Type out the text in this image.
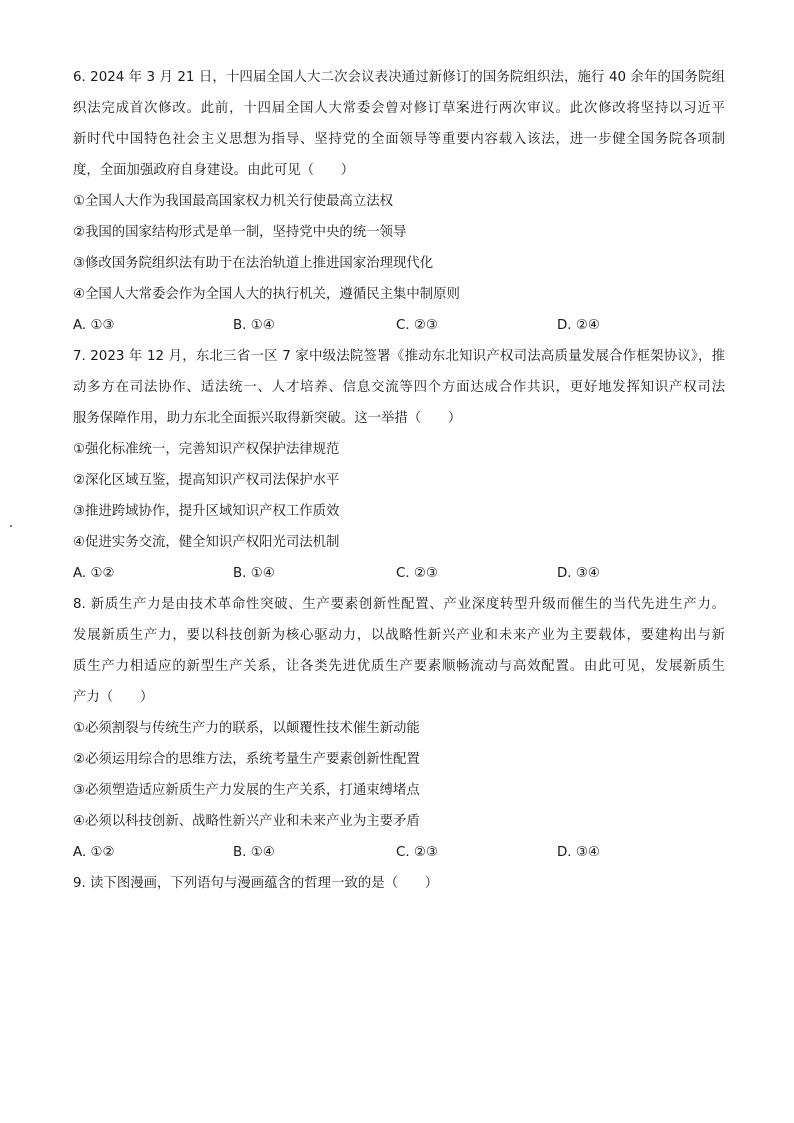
6. 2024 年 3 月 21 日，十四届全国人大二次会议表决通过新修订的国务院组织法，施行 40 余年的国务院组
织法完成首次修改。此前，十四届全国人大常委会曾对修订草案进行两次审议。此次修改将坚持以习近平
新时代中国特色社会主义思想为指导、坚持党的全面领导等重要内容载入该法，进一步健全国务院各项制
度，全面加强政府自身建设。由此可见（　　）
①全国人大作为我国最高国家权力机关行使最高立法权
②我国的国家结构形式是单一制，坚持党中央的统一领导
③修改国务院组织法有助于在法治轨道上推进国家治理现代化
④全国人大常委会作为全国人大的执行机关，遵循民主集中制原则
A. ①③	B. ①④	C. ②③	D. ②④
7. 2023 年 12 月，东北三省一区 7 家中级法院签署《推动东北知识产权司法高质量发展合作框架协议》，推
动多方在司法协作、适法统一、人才培养、信息交流等四个方面达成合作共识，更好地发挥知识产权司法
服务保障作用，助力东北全面振兴取得新突破。这一举措（　　）
①强化标准统一，完善知识产权保护法律规范
②深化区域互鉴，提高知识产权司法保护水平
③推进跨域协作，提升区域知识产权工作质效
④促进实务交流，健全知识产权阳光司法机制
A. ①②	B. ①④	C. ②③	D. ③④
8. 新质生产力是由技术革命性突破、生产要素创新性配置、产业深度转型升级而催生的当代先进生产力。
发展新质生产力，要以科技创新为核心驱动力，以战略性新兴产业和未来产业为主要载体，要建构出与新
质生产力相适应的新型生产关系，让各类先进优质生产要素顺畅流动与高效配置。由此可见，发展新质生
产力（　　）
①必须割裂与传统生产力的联系，以颠覆性技术催生新动能
②必须运用综合的思维方法，系统考量生产要素创新性配置
③必须塑造适应新质生产力发展的生产关系，打通束缚堵点
④必须以科技创新、战略性新兴产业和未来产业为主要矛盾
A. ①②	B. ①④	C. ②③	D. ③④
9. 读下图漫画，下列语句与漫画蕴含的哲理一致的是（　　）
